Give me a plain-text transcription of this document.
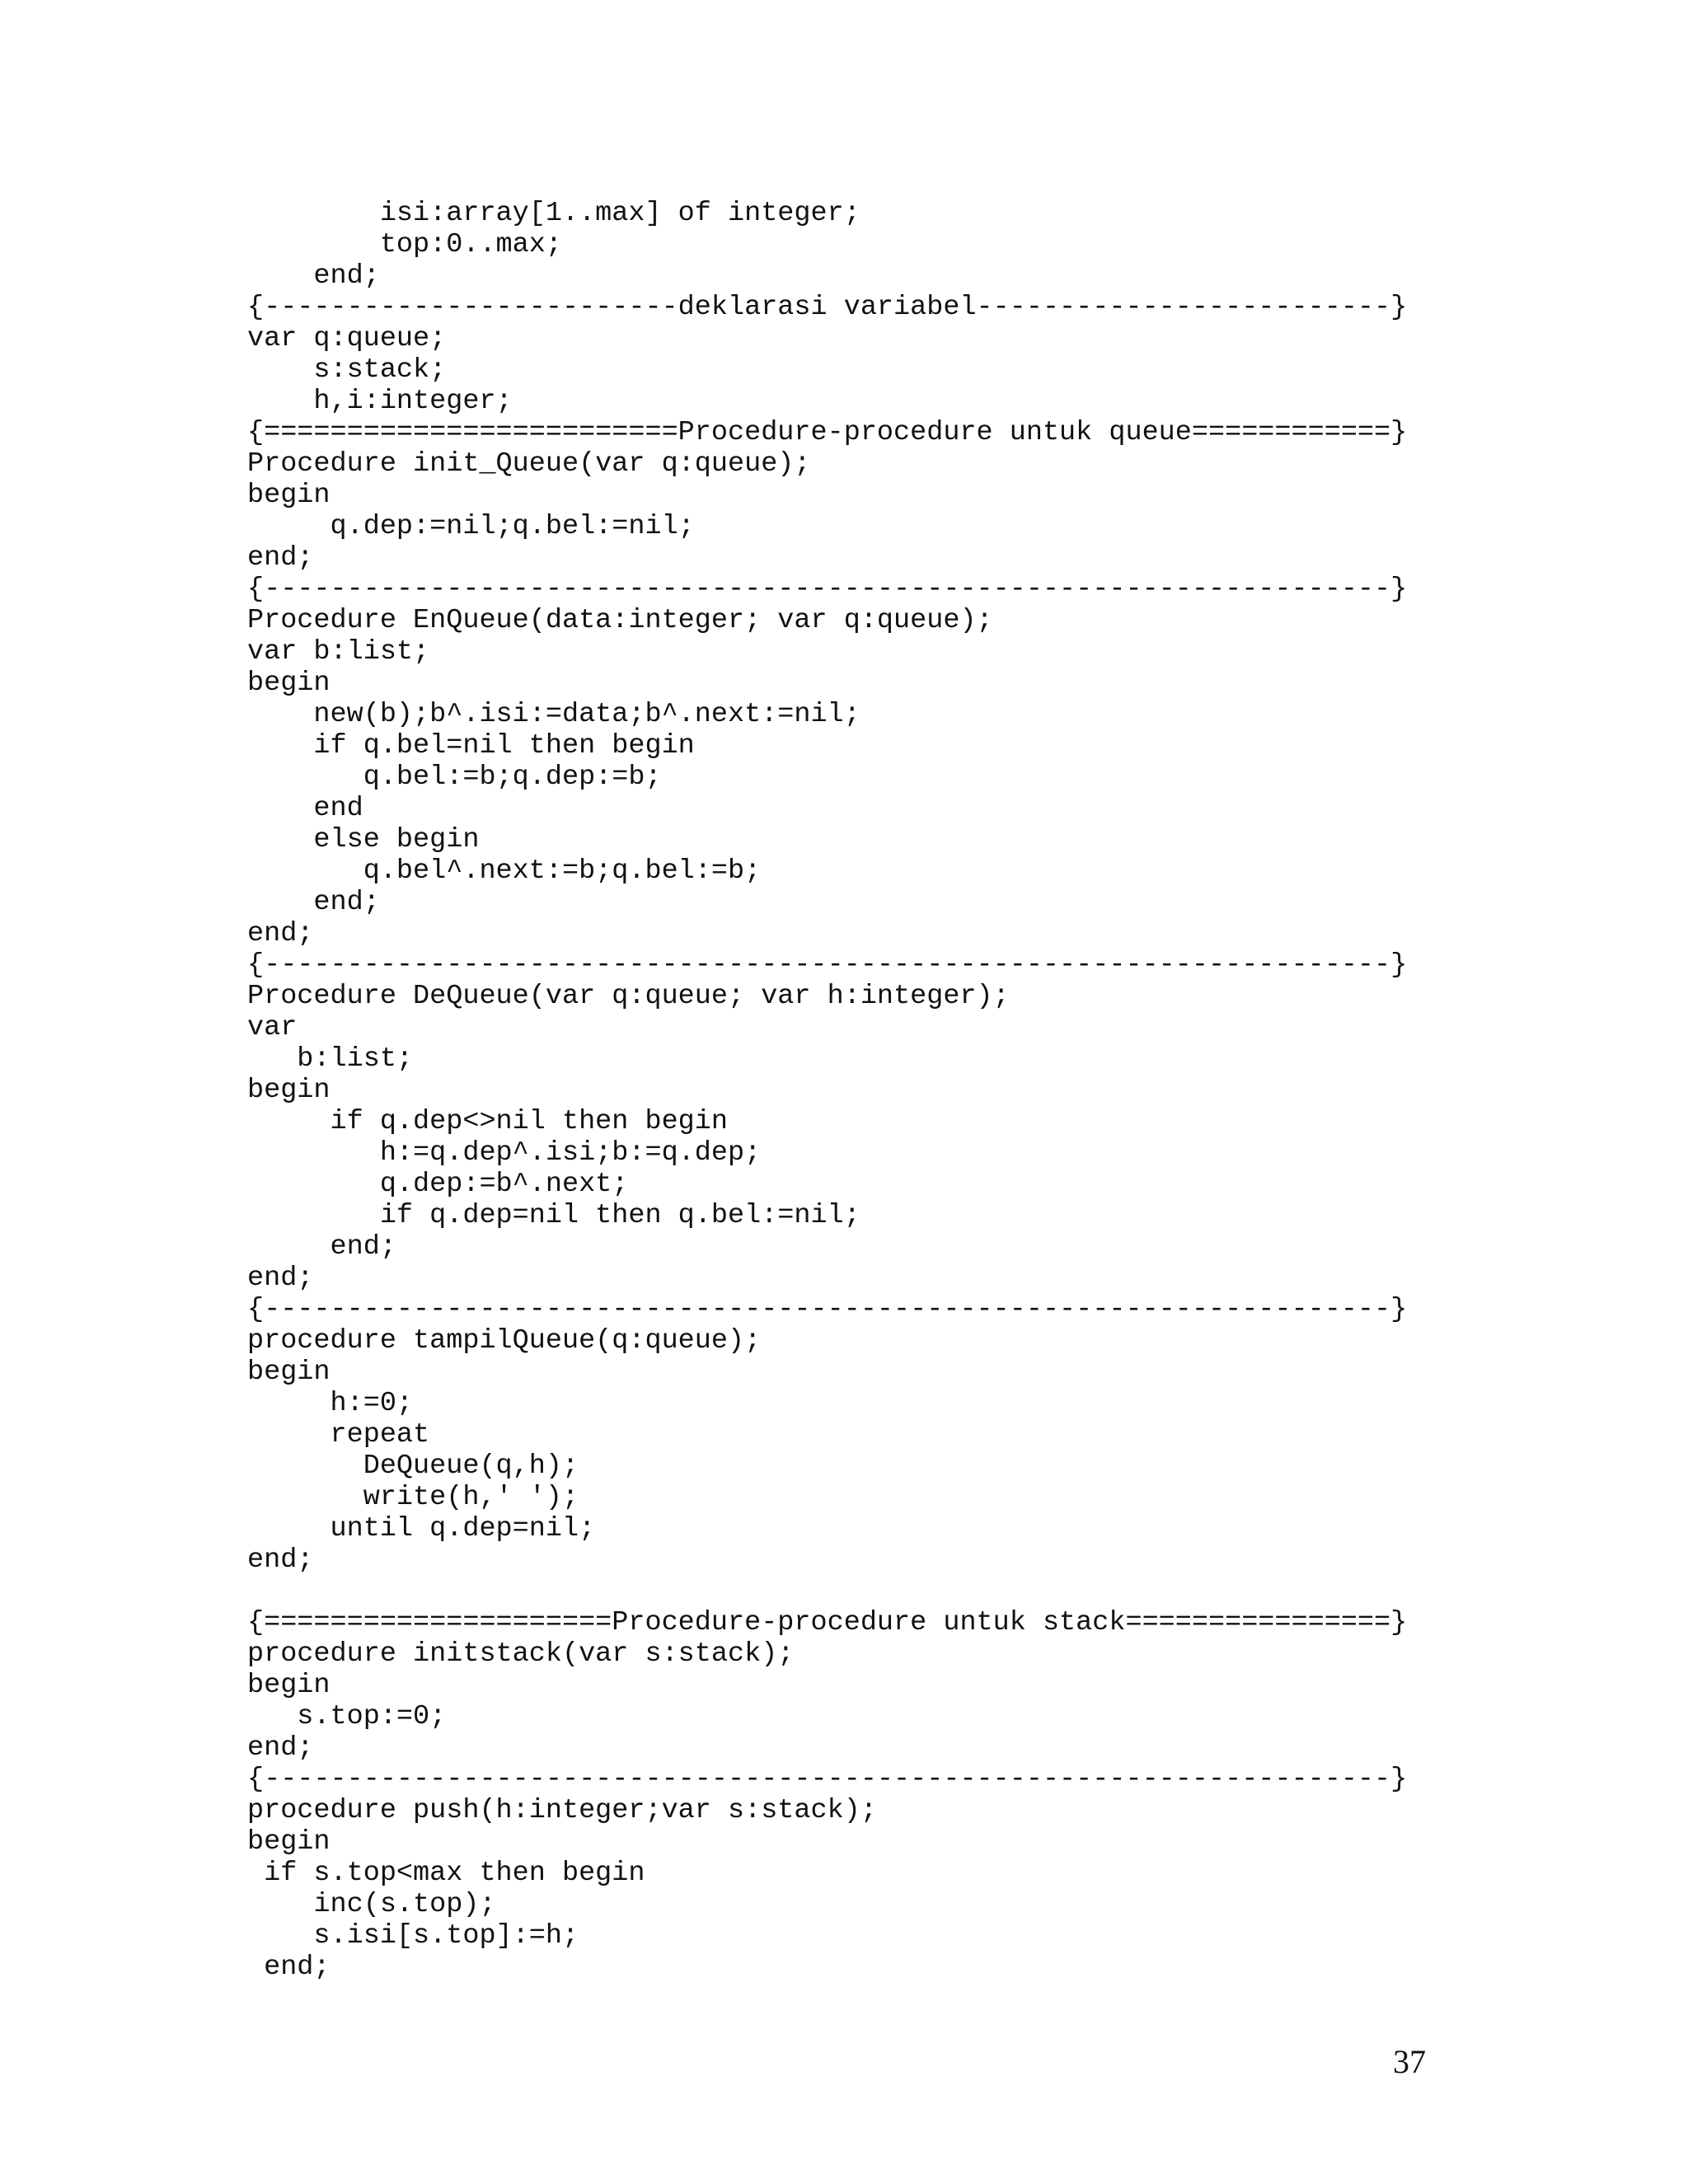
isi:array[1..max] of integer;
top:0..max;
end;
{-------------------------deklarasi variabel-------------------------}
var q:queue;
s:stack;
h,i:integer;
{=========================Procedure-procedure untuk queue============}
Procedure init_Queue(var q:queue);
begin
q.dep:=nil;q.bel:=nil;
end;
{--------------------------------------------------------------------}
Procedure EnQueue(data:integer; var q:queue);
var b:list;
begin
new(b);b^.isi:=data;b^.next:=nil;
if q.bel=nil then begin
q.bel:=b;q.dep:=b;
end
else begin
q.bel^.next:=b;q.bel:=b;
end;
end;
{--------------------------------------------------------------------}
Procedure DeQueue(var q:queue; var h:integer);
var
b:list;
begin
if q.dep<>nil then begin
h:=q.dep^.isi;b:=q.dep;
q.dep:=b^.next;
if q.dep=nil then q.bel:=nil;
end;
end;
{--------------------------------------------------------------------}
procedure tampilQueue(q:queue);
begin
h:=0;
repeat
DeQueue(q,h);
write(h,' ');
until q.dep=nil;
end;
{=====================Procedure-procedure untuk stack================}
procedure initstack(var s:stack);
begin
s.top:=0;
end;
{--------------------------------------------------------------------}
procedure push(h:integer;var s:stack);
begin
if s.top<max then begin
inc(s.top);
s.isi[s.top]:=h;
end;
37
